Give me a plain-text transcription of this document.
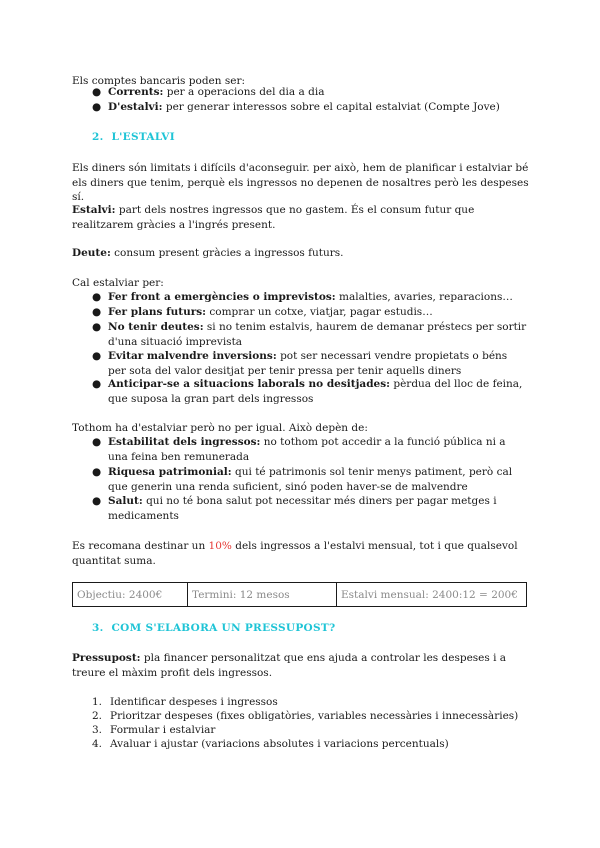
Els comptes bancaris poden ser:

● Corrents: per a operacions del dia a dia
● D'estalvi: per generar interessos sobre el capital estalviat (Compte Jove)
2. L'ESTALVI

Els diners són limitats i difícils d'aconseguir. per això, hem de planificar i estalviar bé els diners que tenim, perquè els ingressos no depenen de nosaltres però les despeses sí.

Estalvi: part dels nostres ingressos que no gastem. És el consum futur que realitzarem gràcies a l'ingrés present.

Deute: consum present gràcies a ingressos futurs.

Cal estalviar per:

● Fer front a emergències o imprevistos: malalties, avaries, reparacions…
● Fer plans futurs: comprar un cotxe, viatjar, pagar estudis…
● No tenir deutes: si no tenim estalvis, haurem de demanar préstecs per sortir d'una situació imprevista
● Evitar malvendre inversions: pot ser necessari vendre propietats o béns per sota del valor desitjat per tenir pressa per tenir aquells diners
● Anticipar-se a situacions laborals no desitjades: pèrdua del lloc de feina, que suposa la gran part dels ingressos

Tothom ha d'estalviar però no per igual. Això depèn de:

● Estabilitat dels ingressos: no tothom pot accedir a la funció pública ni a una feina ben remunerada
● Riquesa patrimonial: qui té patrimonis sol tenir menys patiment, però cal que generin una renda suficient, sinó poden haver-se de malvendre
● Salut: qui no té bona salut pot necessitar més diners per pagar metges i medicaments

Es recomana destinar un 10% dels ingressos a l'estalvi mensual, tot i que qualsevol quantitat suma.

Objectiu: 2400€	Termini: 12 mesos	Estalvi mensual: 2400:12 = 200€
3. COM S'ELABORA UN PRESSUPOST?

Pressupost: pla financer personalitzat que ens ajuda a controlar les despeses i a treure el màxim profit dels ingressos.

1. Identificar despeses i ingressos
2. Prioritzar despeses (fixes obligatòries, variables necessàries i innecessàries)
3. Formular i estalviar
4. Avaluar i ajustar (variacions absolutes i variacions percentuals)
